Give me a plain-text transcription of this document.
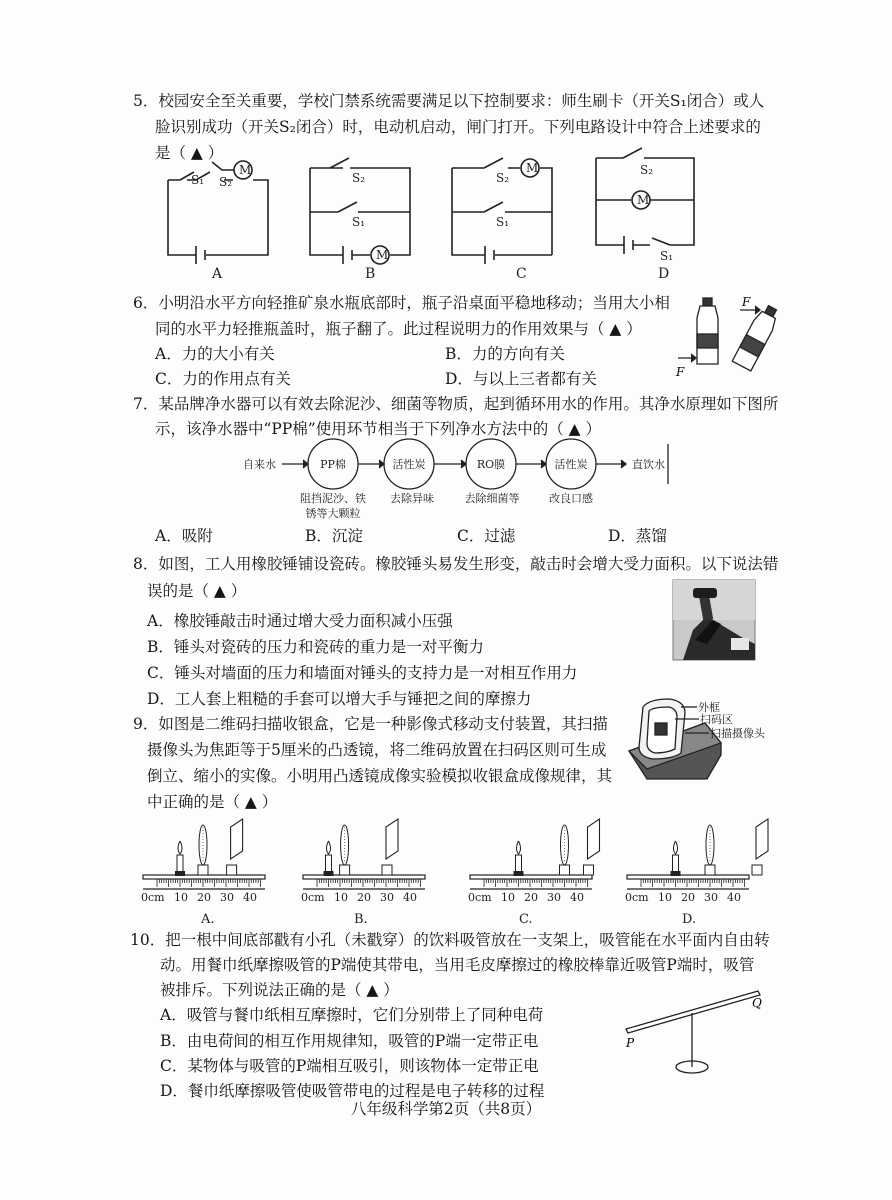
5．校园安全至关重要，学校门禁系统需要满足以下控制要求：师生刷卡（开关S₁闭合）或人
脸识别成功（开关S₂闭合）时，电动机启动，闸门打开。下列电路设计中符合上述要求的
是（ ▲ ）
M
S₁ S₂
M
S₂
S₁
M
S₂
S₁
M
S₂
S₁
A	B	C	D
6．小明沿水平方向轻推矿泉水瓶底部时，瓶子沿桌面平稳地移动；当用大小相
同的水平力轻推瓶盖时，瓶子翻了。此过程说明力的作用效果与（ ▲ ）
A．力的大小有关	B．力的方向有关
C．力的作用点有关	D．与以上三者都有关	F
F
7．某品牌净水器可以有效去除泥沙、细菌等物质，起到循环用水的作用。其净水原理如下图所
示，该净水器中“PP棉”使用环节相当于下列净水方法中的（ ▲ ）
自来水	直饮水
PP棉	活性炭	RO膜	活性炭
阻挡泥沙、铁
锈等大颗粒
去除异味	去除细菌等	改良口感
A．吸附	B．沉淀	C．过滤	D．蒸馏
8．如图，工人用橡胶锤铺设瓷砖。橡胶锤头易发生形变，敲击时会增大受力面积。以下说法错
误的是（ ▲ ）
A．橡胶锤敲击时通过增大受力面积减小压强
B．锤头对瓷砖的压力和瓷砖的重力是一对平衡力
C．锤头对墙面的压力和墙面对锤头的支持力是一对相互作用力
D．工人套上粗糙的手套可以增大手与锤把之间的摩擦力
9．如图是二维码扫描收银盒，它是一种影像式移动支付装置，其扫描
摄像头为焦距等于5厘米的凸透镜，将二维码放置在扫码区则可生成
倒立、缩小的实像。小明用凸透镜成像实验模拟收银盒成像规律，其
中正确的是（ ▲ ）
外框
扫码区
扫描摄像头
0cm 10 20 30 40	0cm 10 20 30 40	0cm 10 20 30 40	0cm 10 20 30 40
A.	B.	C.	D.
10．把一根中间底部戳有小孔（未戳穿）的饮料吸管放在一支架上，吸管能在水平面内自由转
动。用餐巾纸摩擦吸管的P端使其带电，当用毛皮摩擦过的橡胶棒靠近吸管P端时，吸管
被排斥。下列说法正确的是（ ▲ ）
A．吸管与餐巾纸相互摩擦时，它们分别带上了同种电荷
B．由电荷间的相互作用规律知，吸管的P端一定带正电
C．某物体与吸管的P端相互吸引，则该物体一定带正电
D．餐巾纸摩擦吸管使吸管带电的过程是电子转移的过程
P
Q
八年级科学第2页（共8页）
